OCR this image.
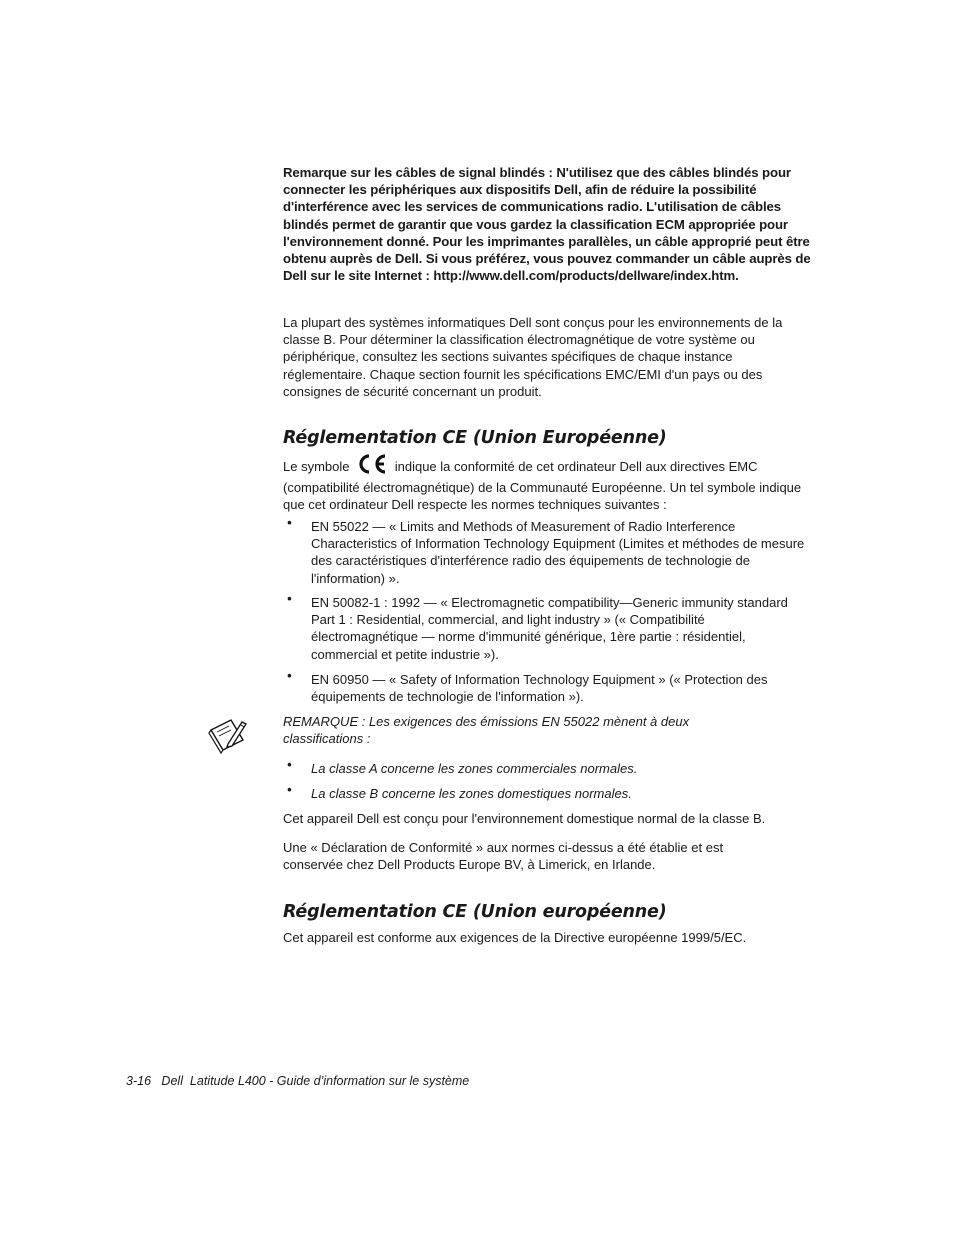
Remarque sur les câbles de signal blindés : N'utilisez que des câbles blindés pour connecter les périphériques aux dispositifs Dell, afin de réduire la possibilité d'interférence avec les services de communications radio. L'utilisation de câbles blindés permet de garantir que vous gardez la classification ECM appropriée pour l'environnement donné. Pour les imprimantes parallèles, un câble approprié peut être obtenu auprès de Dell. Si vous préférez, vous pouvez commander un câble auprès de Dell sur le site Internet : http://www.dell.com/products/dellware/index.htm.

La plupart des systèmes informatiques Dell sont conçus pour les environnements de la classe B. Pour déterminer la classification électromagnétique de votre système ou périphérique, consultez les sections suivantes spécifiques de chaque instance réglementaire. Chaque section fournit les spécifications EMC/EMI d'un pays ou des consignes de sécurité concernant un produit.

Réglementation CE (Union Européenne)

Le symbole	indique la conformité de cet ordinateur Dell aux directives EMC (compatibilité électromagnétique) de la Communauté Européenne. Un tel symbole indique que cet ordinateur Dell respecte les normes techniques suivantes :

• EN 55022 — « Limits and Methods of Measurement of Radio Interference Characteristics of Information Technology Equipment (Limites et méthodes de mesure des caractéristiques d'interférence radio des équipements de technologie de l'information) ».

• EN 50082-1 : 1992 — « Electromagnetic compatibility—Generic immunity standard Part 1 : Residential, commercial, and light industry » (« Compatibilité électromagnétique — norme d'immunité générique, 1ère partie : résidentiel, commercial et petite industrie »).

• EN 60950 — « Safety of Information Technology Equipment » (« Protection des équipements de technologie de l'information »).

REMARQUE : Les exigences des émissions EN 55022 mènent à deux classifications :

• La classe A concerne les zones commerciales normales.

• La classe B concerne les zones domestiques normales.

Cet appareil Dell est conçu pour l'environnement domestique normal de la classe B.

Une « Déclaration de Conformité » aux normes ci-dessus a été établie et est conservée chez Dell Products Europe BV, à Limerick, en Irlande.

Réglementation CE (Union européenne)

Cet appareil est conforme aux exigences de la Directive européenne 1999/5/EC.

3-16   Dell  Latitude L400 - Guide d’information sur le système
